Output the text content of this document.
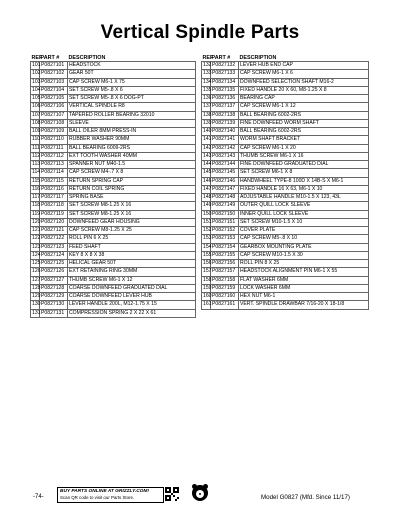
Vertical Spindle Parts
REF	PART #	DESCRIPTION
101	P0827101	HEADSTOCK
102	P0827102	GEAR 50T
103	P0827103	CAP SCREW M6-1 X 75
104	P0827104	SET SCREW M5-.8 X 6
105	P0827105	SET SCREW M5-.8 X 6 DOG-PT
106	P0827106	VERTICAL SPINDLE R8
107	P0827107	TAPERED ROLLER BEARING 32010
108	P0827108	SLEEVE
109	P0827109	BALL OILER 8MM PRESS-IN
110	P0827110	RUBBER WASHER 90MM
111	P0827111	BALL BEARING 6009-2RS
112	P0827112	EXT TOOTH WASHER 40MM
113	P0827113	SPANNER NUT M40-1.5
114	P0827114	CAP SCREW M4-.7 X 8
115	P0827115	RETURN SPRING CAP
116	P0827116	RETURN COIL SPRING
117	P0827117	SPRING BASE
118	P0827118	SET SCREW M8-1.25 X 16
119	P0827119	SET SCREW M8-1.25 X 16
120	P0827120	DOWNFEED GEAR HOUSING
121	P0827121	CAP SCREW M8-1.25 X 25
122	P0827122	ROLL PIN 6 X 25
123	P0827123	FEED SHAFT
124	P0827124	KEY 8 X 8 X 38
125	P0827125	HELICAL GEAR 50T
126	P0827126	EXT RETAINING RING 30MM
127	P0827127	THUMB SCREW M6-1 X 12
128	P0827128	COARSE DOWNFEED GRADUATED DIAL
129	P0827129	COARSE DOWNFEED LEVER HUB
130	P0827130	LEVER HANDLE 200L, M12-1.75 X 15
131	P0827131	COMPRESSION SPRING 2 X 22 X 61
REF	PART #	DESCRIPTION
132	P0827132	LEVER HUB END CAP
133	P0827133	CAP SCREW M6-1 X 6
134	P0827134	DOWNFEED SELECTION SHAFT M16-2
135	P0827135	FIXED HANDLE 20 X 60, M8-1.25 X 8
136	P0827136	BEARING CAP
137	P0827137	CAP SCREW M6-1 X 12
138	P0827138	BALL BEARING 6002-2RS
139	P0827139	FINE DOWNFEED WORM SHAFT
140	P0827140	BALL BEARING 6002-2RS
141	P0827141	WORM SHAFT BRACKET
142	P0827142	CAP SCREW M6-1 X 20
143	P0827143	THUMB SCREW M6-1 X 16
144	P0827144	FINE DOWNFEED GRADUATED DIAL
145	P0827145	SET SCREW M6-1 X 8
146	P0827146	HANDWHEEL TYPE-8 100D X 14B-S X M6-1
147	P0827147	FIXED HANDLE 16 X 63, M6-1 X 10
148	P0827148	ADJUSTABLE HANDLE M10-1.5 X 123, 43L
149	P0827149	OUTER QUILL LOCK SLEEVE
150	P0827150	INNER QUILL LOCK SLEEVE
151	P0827151	SET SCREW M10-1.5 X 10
152	P0827152	COVER PLATE
153	P0827153	CAP SCREW M5-.8 X 10
154	P0827154	GEARBOX MOUNTING PLATE
155	P0827155	CAP SCREW M10-1.5 X 30
156	P0827156	ROLL PIN 8 X 25
157	P0827157	HEADSTOCK ALIGNMENT PIN M6-1 X 55
158	P0827158	FLAT WASHER 6MM
159	P0827159	LOCK WASHER 6MM
160	P0827160	HEX NUT M6-1
161	P0827161	VERT. SPINDLE DRAWBAR 7/16-20 X 18-1/8
-74-
BUY PARTS ONLINE AT GRIZZLY.COM!
Scan QR code to visit our Parts Store.	Model G0827 (Mfd. Since 11/17)
